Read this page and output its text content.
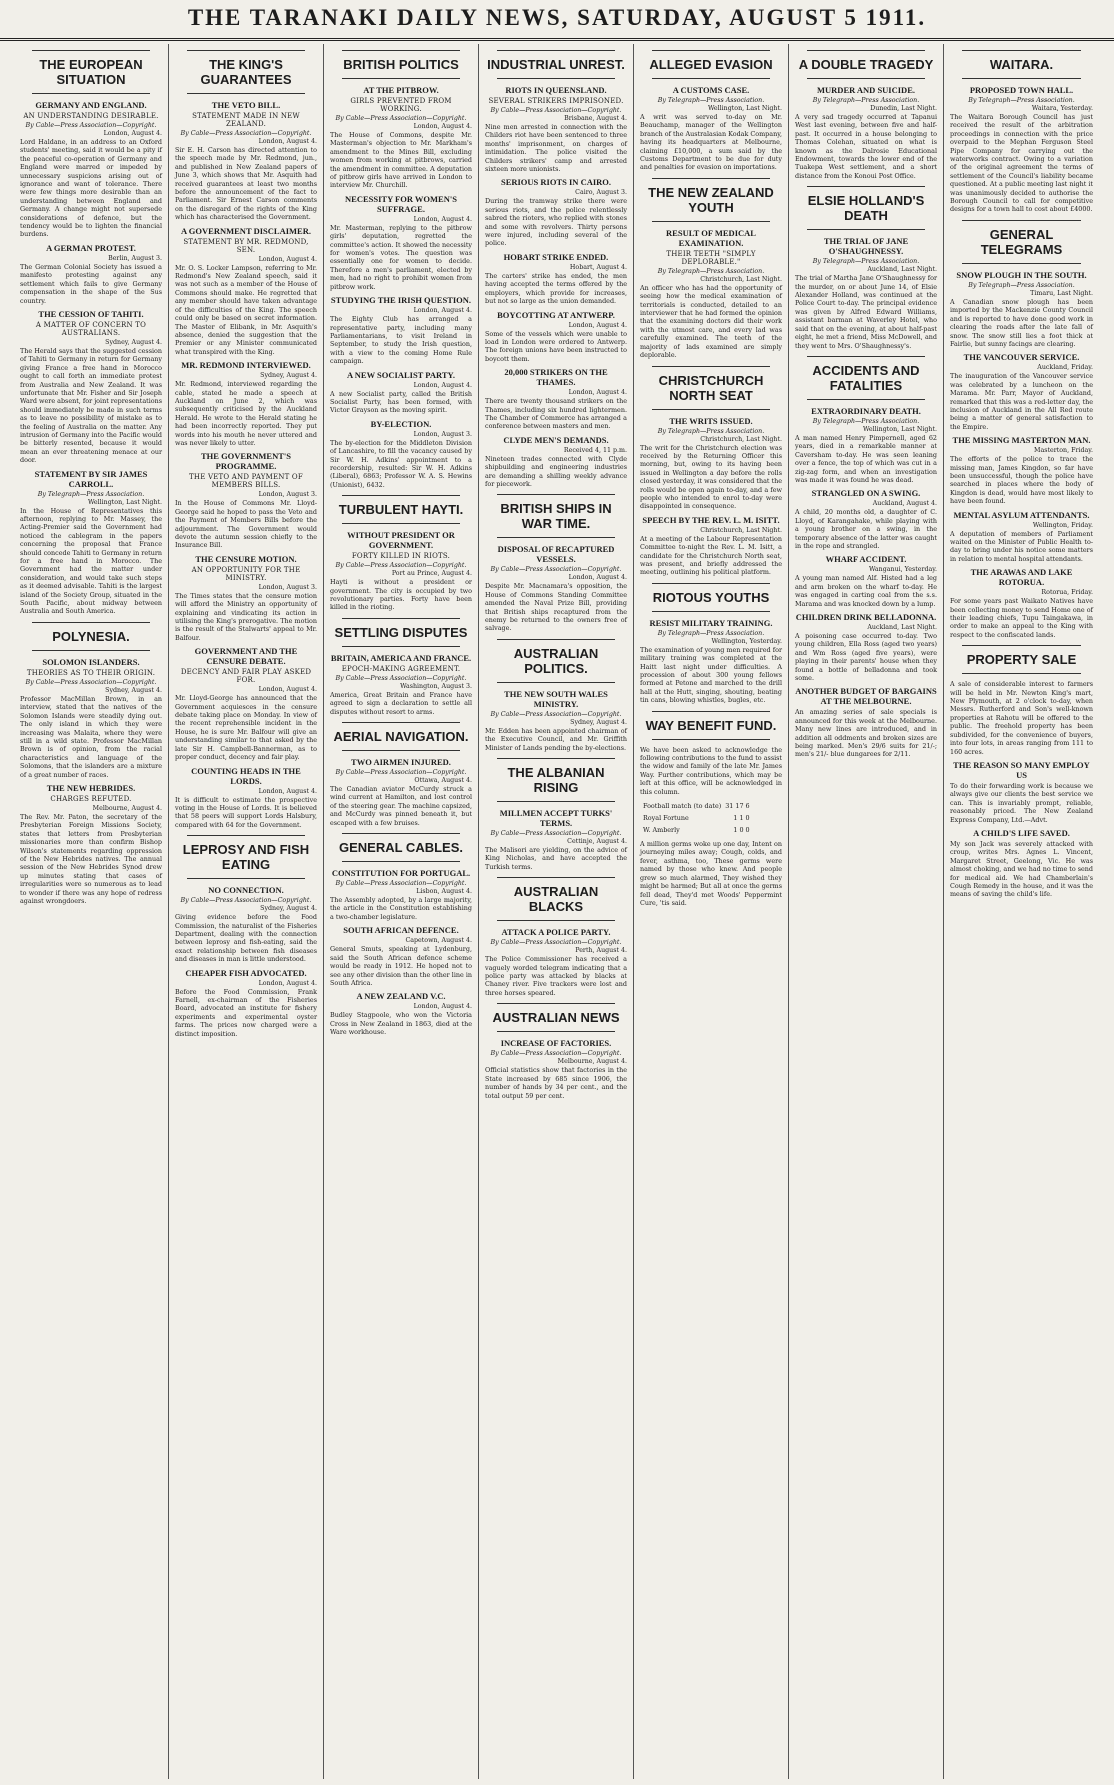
THE TARANAKI DAILY NEWS, SATURDAY, AUGUST 5 1911.
THE EUROPEAN SITUATION
GERMANY AND ENGLAND.
AN UNDERSTANDING DESIRABLE.
By Cable—Press Association—Copyright.
London, August 4.
Lord Haldane, in an address to an Oxford students' meeting, said it would be a pity if the peaceful co-operation of Germany and England were marred or impeded by unnecessary suspicions arising out of ignorance and want of tolerance. There were few things more desirable than an understanding between England and Germany. A change might not supersede considerations of defence, but the tendency would be to lighten the financial burdens.
A GERMAN PROTEST.
Berlin, August 3.
The German Colonial Society has issued a manifesto protesting against any settlement which fails to give Germany compensation in the shape of the Sus country.
THE CESSION OF TAHITI.
A MATTER OF CONCERN TO AUSTRALIANS.
Sydney, August 4.
The Herald says that the suggested cession of Tahiti to Germany in return for Germany giving France a free hand in Morocco ought to call forth an immediate protest from Australia and New Zealand. It was unfortunate that Mr. Fisher and Sir Joseph Ward were absent, for joint representations should immediately be made in such terms as to leave no possibility of mistake as to the feeling of Australia on the matter. Any intrusion of Germany into the Pacific would be bitterly resented, because it would mean an ever threatening menace at our door.
STATEMENT BY SIR JAMES CARROLL.
By Telegraph—Press Association.
Wellington, Last Night.
In the House of Representatives this afternoon, replying to Mr. Massey, the Acting-Premier said the Government had noticed the cablegram in the papers concerning the proposal that France should concede Tahiti to Germany in return for a free hand in Morocco. The Government had the matter under consideration, and would take such steps as it deemed advisable. Tahiti is the largest island of the Society Group, situated in the South Pacific, about midway between Australia and South America.
POLYNESIA.
SOLOMON ISLANDERS.
THEORIES AS TO THEIR ORIGIN.
By Cable—Press Association—Copyright.
Sydney, August 4.
Professor MacMillan Brown, in an interview, stated that the natives of the Solomon Islands were steadily dying out. The only island in which they were increasing was Malaita, where they were still in a wild state. Professor MacMillan Brown is of opinion, from the racial characteristics and language of the Solomons, that the islanders are a mixture of a great number of races.
THE NEW HEBRIDES.
CHARGES REFUTED.
Melbourne, August 4.
The Rev. Mr. Paton, the secretary of the Presbyterian Foreign Missions Society, states that letters from Presbyterian missionaries more than confirm Bishop Wilson's statements regarding oppression of the New Hebrides natives. The annual session of the New Hebrides Synod drew up minutes stating that cases of irregularities were so numerous as to lead to wonder if there was any hope of redress against wrongdoers.
THE KING'S GUARANTEES
THE VETO BILL.
STATEMENT MADE IN NEW ZEALAND.
By Cable—Press Association—Copyright.
London, August 4.
Sir E. H. Carson has directed attention to the speech made by Mr. Redmond, jun., and published in New Zealand papers of June 3, which shows that Mr. Asquith had received guarantees at least two months before the announcement of the fact to Parliament. Sir Ernest Carson comments on the disregard of the rights of the King which has characterised the Government.
A GOVERNMENT DISCLAIMER.
STATEMENT BY MR. REDMOND, SEN.
London, August 4.
Mr. O. S. Locker Lampson, referring to Mr. Redmond's New Zealand speech, said it was not such as a member of the House of Commons should make. He regretted that any member should have taken advantage of the difficulties of the King. The speech could only be based on secret information. The Master of Elibank, in Mr. Asquith's absence, denied the suggestion that the Premier or any Minister communicated what transpired with the King.
MR. REDMOND INTERVIEWED.
Sydney, August 4.
Mr. Redmond, interviewed regarding the cable, stated he made a speech at Auckland on June 2, which was subsequently criticised by the Auckland Herald. He wrote to the Herald stating he had been incorrectly reported. They put words into his mouth he never uttered and was never likely to utter.
THE GOVERNMENT'S PROGRAMME.
THE VETO AND PAYMENT OF MEMBERS BILLS.
London, August 3.
In the House of Commons Mr. Lloyd-George said he hoped to pass the Veto and the Payment of Members Bills before the adjournment. The Government would devote the autumn session chiefly to the Insurance Bill.
THE CENSURE MOTION.
AN OPPORTUNITY FOR THE MINISTRY.
London, August 3.
The Times states that the censure motion will afford the Ministry an opportunity of explaining and vindicating its action in utilising the King's prerogative. The motion is the result of the Stalwarts' appeal to Mr. Balfour.
GOVERNMENT AND THE CENSURE DEBATE.
DECENCY AND FAIR PLAY ASKED FOR.
London, August 4.
Mr. Lloyd-George has announced that the Government acquiesces in the censure debate taking place on Monday. In view of the recent reprehensible incident in the House, he is sure Mr. Balfour will give an understanding similar to that asked by the late Sir H. Campbell-Bannerman, as to proper conduct, decency and fair play.
COUNTING HEADS IN THE LORDS.
London, August 4.
It is difficult to estimate the prospective voting in the House of Lords. It is believed that 58 peers will support Lords Halsbury, compared with 64 for the Government.
LEPROSY AND FISH EATING
NO CONNECTION.
By Cable—Press Association—Copyright.
Sydney, August 4.
Giving evidence before the Food Commission, the naturalist of the Fisheries Department, dealing with the connection between leprosy and fish-eating, said the exact relationship between fish diseases and diseases in man is little understood.
CHEAPER FISH ADVOCATED.
London, August 4.
Before the Food Commission, Frank Farnell, ex-chairman of the Fisheries Board, advocated an institute for fishery experiments and experimental oyster farms. The prices now charged were a distinct imposition.
BRITISH POLITICS
AT THE PITBROW.
GIRLS PREVENTED FROM WORKING.
By Cable—Press Association—Copyright.
London, August 4.
The House of Commons, despite Mr. Masterman's objection to Mr. Markham's amendment to the Mines Bill, excluding women from working at pitbrows, carried the amendment in committee. A deputation of pitbrow girls have arrived in London to interview Mr. Churchill.
NECESSITY FOR WOMEN'S SUFFRAGE.
London, August 4.
Mr. Masterman, replying to the pitbrow girls' deputation, regretted the committee's action. It showed the necessity for women's votes. The question was essentially one for women to decide. Therefore a men's parliament, elected by men, had no right to prohibit women from pitbrow work.
STUDYING THE IRISH QUESTION.
London, August 4.
The Eighty Club has arranged a representative party, including many Parliamentarians, to visit Ireland in September, to study the Irish question, with a view to the coming Home Rule campaign.
A NEW SOCIALIST PARTY.
London, August 4.
A new Socialist party, called the British Socialist Party, has been formed, with Victor Grayson as the moving spirit.
BY-ELECTION.
London, August 3.
The by-election for the Middleton Division of Lancashire, to fill the vacancy caused by Sir W. H. Adkins' appointment to a recordership, resulted: Sir W. H. Adkins (Liberal), 6863; Professor W. A. S. Hewins (Unionist), 6432.
TURBULENT HAYTI.
WITHOUT PRESIDENT OR GOVERNMENT.
FORTY KILLED IN RIOTS.
By Cable—Press Association—Copyright.
Port au Prince, August 4.
Hayti is without a president or government. The city is occupied by two revolutionary parties. Forty have been killed in the rioting.
SETTLING DISPUTES
BRITAIN, AMERICA AND FRANCE.
EPOCH-MAKING AGREEMENT.
By Cable—Press Association—Copyright.
Washington, August 3.
America, Great Britain and France have agreed to sign a declaration to settle all disputes without resort to arms.
AERIAL NAVIGATION.
TWO AIRMEN INJURED.
By Cable—Press Association—Copyright.
Ottawa, August 4.
The Canadian aviator McCurdy struck a wind current at Hamilton, and lost control of the steering gear. The machine capsized, and McCurdy was pinned beneath it, but escaped with a few bruises.
GENERAL CABLES.
CONSTITUTION FOR PORTUGAL.
By Cable—Press Association—Copyright.
Lisbon, August 4.
The Assembly adopted, by a large majority, the article in the Constitution establishing a two-chamber legislature.
SOUTH AFRICAN DEFENCE.
Capetown, August 4.
General Smuts, speaking at Lydenburg, said the South African defence scheme would be ready in 1912. He hoped not to see any other division than the other line in South Africa.
A NEW ZEALAND V.C.
London, August 4.
Budley Stagpoole, who won the Victoria Cross in New Zealand in 1863, died at the Ware workhouse.
INDUSTRIAL UNREST.
RIOTS IN QUEENSLAND.
SEVERAL STRIKERS IMPRISONED.
By Cable—Press Association—Copyright.
Brisbane, August 4.
Nine men arrested in connection with the Childers riot have been sentenced to three months' imprisonment, on charges of intimidation. The police visited the Childers strikers' camp and arrested sixteen more unionists.
SERIOUS RIOTS IN CAIRO.
Cairo, August 3.
During the tramway strike there were serious riots, and the police relentlessly sabred the rioters, who replied with stones and some with revolvers. Thirty persons were injured, including several of the police.
HOBART STRIKE ENDED.
Hobart, August 4.
The carters' strike has ended, the men having accepted the terms offered by the employers, which provide for increases, but not so large as the union demanded.
BOYCOTTING AT ANTWERP.
London, August 4.
Some of the vessels which were unable to load in London were ordered to Antwerp. The foreign unions have been instructed to boycott them.
20,000 STRIKERS ON THE THAMES.
London, August 4.
There are twenty thousand strikers on the Thames, including six hundred lightermen. The Chamber of Commerce has arranged a conference between masters and men.
CLYDE MEN'S DEMANDS.
Received 4, 11 p.m.
Nineteen trades connected with Clyde shipbuilding and engineering industries are demanding a shilling weekly advance for piecework.
BRITISH SHIPS IN WAR TIME.
DISPOSAL OF RECAPTURED VESSELS.
By Cable—Press Association—Copyright.
London, August 4.
Despite Mr. Macnamara's opposition, the House of Commons Standing Committee amended the Naval Prize Bill, providing that British ships recaptured from the enemy be returned to the owners free of salvage.
AUSTRALIAN POLITICS.
THE NEW SOUTH WALES MINISTRY.
By Cable—Press Association—Copyright.
Sydney, August 4.
Mr. Edden has been appointed chairman of the Executive Council, and Mr. Griffith Minister of Lands pending the by-elections.
THE ALBANIAN RISING
MILLMEN ACCEPT TURKS' TERMS.
By Cable—Press Association—Copyright.
Cettinje, August 4.
The Malisori are yielding, on the advice of King Nicholas, and have accepted the Turkish terms.
AUSTRALIAN BLACKS
ATTACK A POLICE PARTY.
By Cable—Press Association—Copyright.
Perth, August 4.
The Police Commissioner has received a vaguely worded telegram indicating that a police party was attacked by blacks at Chaney river. Five trackers were lost and three horses speared.
AUSTRALIAN NEWS
INCREASE OF FACTORIES.
By Cable—Press Association—Copyright.
Melbourne, August 4.
Official statistics show that factories in the State increased by 685 since 1906, the number of hands by 34 per cent., and the total output 59 per cent.
ALLEGED EVASION
A CUSTOMS CASE.
By Telegraph—Press Association.
Wellington, Last Night.
A writ was served to-day on Mr. Beauchamp, manager of the Wellington branch of the Australasian Kodak Company, having its headquarters at Melbourne, claiming £10,000, a sum said by the Customs Department to be due for duty and penalties for evasion on importations.
THE NEW ZEALAND YOUTH
RESULT OF MEDICAL EXAMINATION.
THEIR TEETH "SIMPLY DEPLORABLE."
By Telegraph—Press Association.
Christchurch, Last Night.
An officer who has had the opportunity of seeing how the medical examination of territorials is conducted, detailed to an interviewer that he had formed the opinion that the examining doctors did their work with the utmost care, and every lad was carefully examined. The teeth of the majority of lads examined are simply deplorable.
CHRISTCHURCH NORTH SEAT
THE WRITS ISSUED.
By Telegraph—Press Association.
Christchurch, Last Night.
The writ for the Christchurch election was received by the Returning Officer this morning, but, owing to its having been issued in Wellington a day before the rolls closed yesterday, it was considered that the rolls would be open again to-day, and a few people who intended to enrol to-day were disappointed in consequence.
SPEECH BY THE REV. L. M. ISITT.
Christchurch, Last Night.
At a meeting of the Labour Representation Committee to-night the Rev. L. M. Isitt, a candidate for the Christchurch North seat, was present, and briefly addressed the meeting, outlining his political platform.
RIOTOUS YOUTHS
RESIST MILITARY TRAINING.
By Telegraph—Press Association.
Wellington, Yesterday.
The examination of young men required for military training was completed at the Haitt last night under difficulties. A procession of about 300 young fellows formed at Petone and marched to the drill hall at the Hutt, singing, shouting, beating tin cans, blowing whistles, bugles, etc.
WAY BENEFIT FUND.
We have been asked to acknowledge the following contributions to the fund to assist the widow and family of the late Mr. James Way. Further contributions, which may be left at this office, will be acknowledged in this column.
Football match (to date)	31 17 6
Royal Fortune	1 1 0
W. Amberly	1 0 0
A million germs woke up one day, Intent on journeying miles away; Cough, colds, and fever, asthma, too, These germs were named by those who knew. And people grew so much alarmed, They wished they might be harmed; But all at once the germs fell dead, They'd met Woods' Peppermint Cure, 'tis said.
A DOUBLE TRAGEDY
MURDER AND SUICIDE.
By Telegraph—Press Association.
Dunedin, Last Night.
A very sad tragedy occurred at Tapanui West last evening, between five and half-past. It occurred in a house belonging to Thomas Colehan, situated on what is known as the Dalrosie Educational Endowment, towards the lower end of the Tuakepa West settlement, and a short distance from the Konoui Post Office.
ELSIE HOLLAND'S DEATH
THE TRIAL OF JANE O'SHAUGHNESSY.
By Telegraph—Press Association.
Auckland, Last Night.
The trial of Martha Jane O'Shaughnessy for the murder, on or about June 14, of Elsie Alexander Holland, was continued at the Police Court to-day. The principal evidence was given by Alfred Edward Williams, assistant barman at Waverley Hotel, who said that on the evening, at about half-past eight, he met a friend, Miss McDowell, and they went to Mrs. O'Shaughnessy's.
ACCIDENTS AND FATALITIES
EXTRAORDINARY DEATH.
By Telegraph—Press Association.
Wellington, Last Night.
A man named Henry Pimpernell, aged 62 years, died in a remarkable manner at Caversham to-day. He was seen leaning over a fence, the top of which was cut in a zig-zag form, and when an investigation was made it was found he was dead.
STRANGLED ON A SWING.
Auckland, August 4.
A child, 20 months old, a daughter of C. Lloyd, of Karangahake, while playing with a young brother on a swing, in the temporary absence of the latter was caught in the rope and strangled.
WHARF ACCIDENT.
Wanganui, Yesterday.
A young man named Alf. Histed had a leg and arm broken on the wharf to-day. He was engaged in carting coal from the s.s. Marama and was knocked down by a lump.
CHILDREN DRINK BELLADONNA.
Auckland, Last Night.
A poisoning case occurred to-day. Two young children, Ella Ross (aged two years) and Wm Ross (aged five years), were playing in their parents' house when they found a bottle of belladonna and took some.
ANOTHER BUDGET OF BARGAINS AT THE MELBOURNE.
An amazing series of sale specials is announced for this week at the Melbourne. Many new lines are introduced, and in addition all oddments and broken sizes are being marked. Men's 29/6 suits for 21/-; men's 21/- blue dungarees for 2/11.
WAITARA.
PROPOSED TOWN HALL.
By Telegraph—Press Association.
Waitara, Yesterday.
The Waitara Borough Council has just received the result of the arbitration proceedings in connection with the price overpaid to the Mephan Ferguson Steel Pipe Company for carrying out the waterworks contract. Owing to a variation of the original agreement the terms of settlement of the Council's liability became questioned. At a public meeting last night it was unanimously decided to authorise the Borough Council to call for competitive designs for a town hall to cost about £4000.
GENERAL TELEGRAMS
SNOW PLOUGH IN THE SOUTH.
By Telegraph—Press Association.
Timaru, Last Night.
A Canadian snow plough has been imported by the Mackenzie County Council and is reported to have done good work in clearing the roads after the late fall of snow. The snow still lies a foot thick at Fairlie, but sunny facings are clearing.
THE VANCOUVER SERVICE.
Auckland, Friday.
The inauguration of the Vancouver service was celebrated by a luncheon on the Marama. Mr. Parr, Mayor of Auckland, remarked that this was a red-letter day, the inclusion of Auckland in the All Red route being a matter of general satisfaction to the Empire.
THE MISSING MASTERTON MAN.
Masterton, Friday.
The efforts of the police to trace the missing man, James Kingdon, so far have been unsuccessful, though the police have searched in places where the body of Kingdon is dead, would have most likely to have been found.
MENTAL ASYLUM ATTENDANTS.
Wellington, Friday.
A deputation of members of Parliament waited on the Minister of Public Health to-day to bring under his notice some matters in relation to mental hospital attendants.
THE ARAWAS AND LAKE ROTORUA.
Rotorua, Friday.
For some years past Waikato Natives have been collecting money to send Home one of their leading chiefs, Tupu Taingakawa, in order to make an appeal to the King with respect to the confiscated lands.
PROPERTY SALE
A sale of considerable interest to farmers will be held in Mr. Newton King's mart, New Plymouth, at 2 o'clock to-day, when Messrs. Rutherford and Son's well-known properties at Rahotu will be offered to the public. The freehold property has been subdivided, for the convenience of buyers, into four lots, in areas ranging from 111 to 160 acres.
THE REASON SO MANY EMPLOY US
To do their forwarding work is because we always give our clients the best service we can. This is invariably prompt, reliable, reasonably priced. The New Zealand Express Company, Ltd.—Advt.
A CHILD'S LIFE SAVED.
My son Jack was severely attacked with croup, writes Mrs. Agnes L. Vincent, Margaret Street, Geelong, Vic. He was almost choking, and we had no time to send for medical aid. We had Chamberlain's Cough Remedy in the house, and it was the means of saving the child's life.
